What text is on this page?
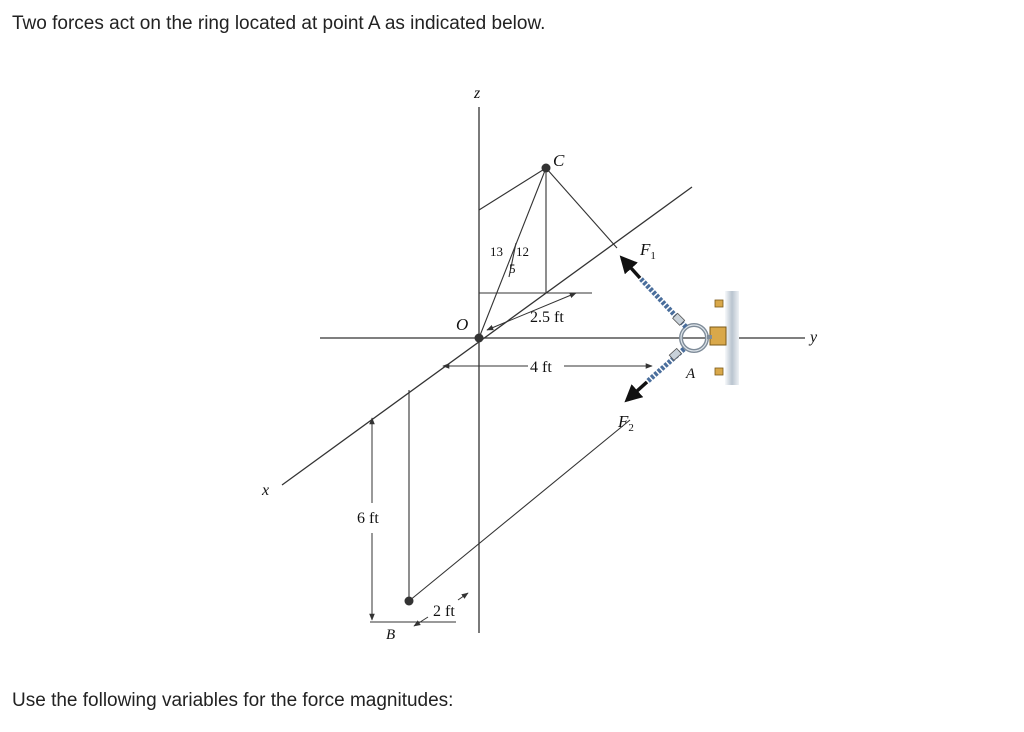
Two forces act on the ring located at point A as indicated below.

13 12
5
z
y
x
O
C
A
B
$F_1$
$F_2$
2.5 ft
4 ft
6 ft
2 ft

Use the following variables for the force magnitudes:
